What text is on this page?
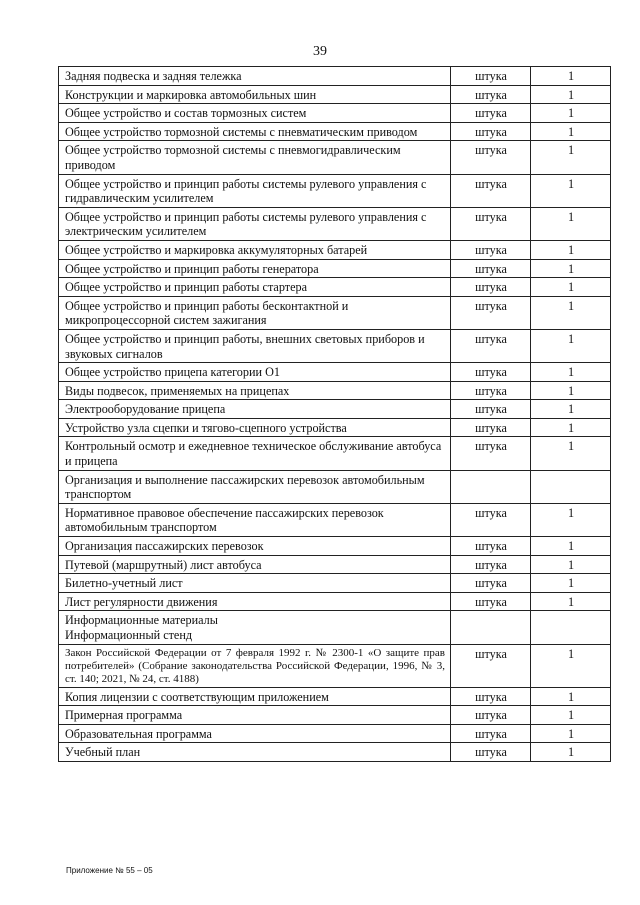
39
Задняя подвеска и задняя тележка	штука	1

Конструкции и маркировка автомобильных шин	штука	1

Общее устройство и состав тормозных систем	штука	1

Общее устройство тормозной системы с пневматическим приводом	штука	1

Общее устройство тормозной системы с пневмогидравлическим приводом	штука	1

Общее устройство и принцип работы системы рулевого управления с гидравлическим усилителем	штука	1

Общее устройство и принцип работы системы рулевого управления с электрическим усилителем	штука	1

Общее устройство и маркировка аккумуляторных батарей	штука	1

Общее устройство и принцип работы генератора	штука	1

Общее устройство и принцип работы стартера	штука	1

Общее устройство и принцип работы бесконтактной и микропроцессорной систем зажигания	штука	1

Общее устройство и принцип работы, внешних световых приборов и звуковых сигналов	штука	1

Общее устройство прицепа категории О1	штука	1

Виды подвесок, применяемых на прицепах	штука	1

Электрооборудование прицепа	штука	1

Устройство узла сцепки и тягово-сцепного устройства	штука	1

Контрольный осмотр и ежедневное техническое обслуживание автобуса и прицепа	штука	1

Организация и выполнение пассажирских перевозок автомобильным транспортом		

Нормативное правовое обеспечение пассажирских перевозок автомобильным транспортом	штука	1

Организация пассажирских перевозок	штука	1

Путевой (маршрутный) лист автобуса	штука	1

Билетно-учетный лист	штука	1

Лист регулярности движения	штука	1

Информационные материалы
Информационный стенд		

Закон Российской Федерации от 7 февраля 1992 г. № 2300-1 «О защите прав потребителей» (Собрание законодательства Российской Федерации, 1996, № 3, ст. 140; 2021, № 24, ст. 4188)	штука	1

Копия лицензии с соответствующим приложением	штука	1

Примерная программа	штука	1

Образовательная программа	штука	1

Учебный план	штука	1
Приложение № 55 – 05
